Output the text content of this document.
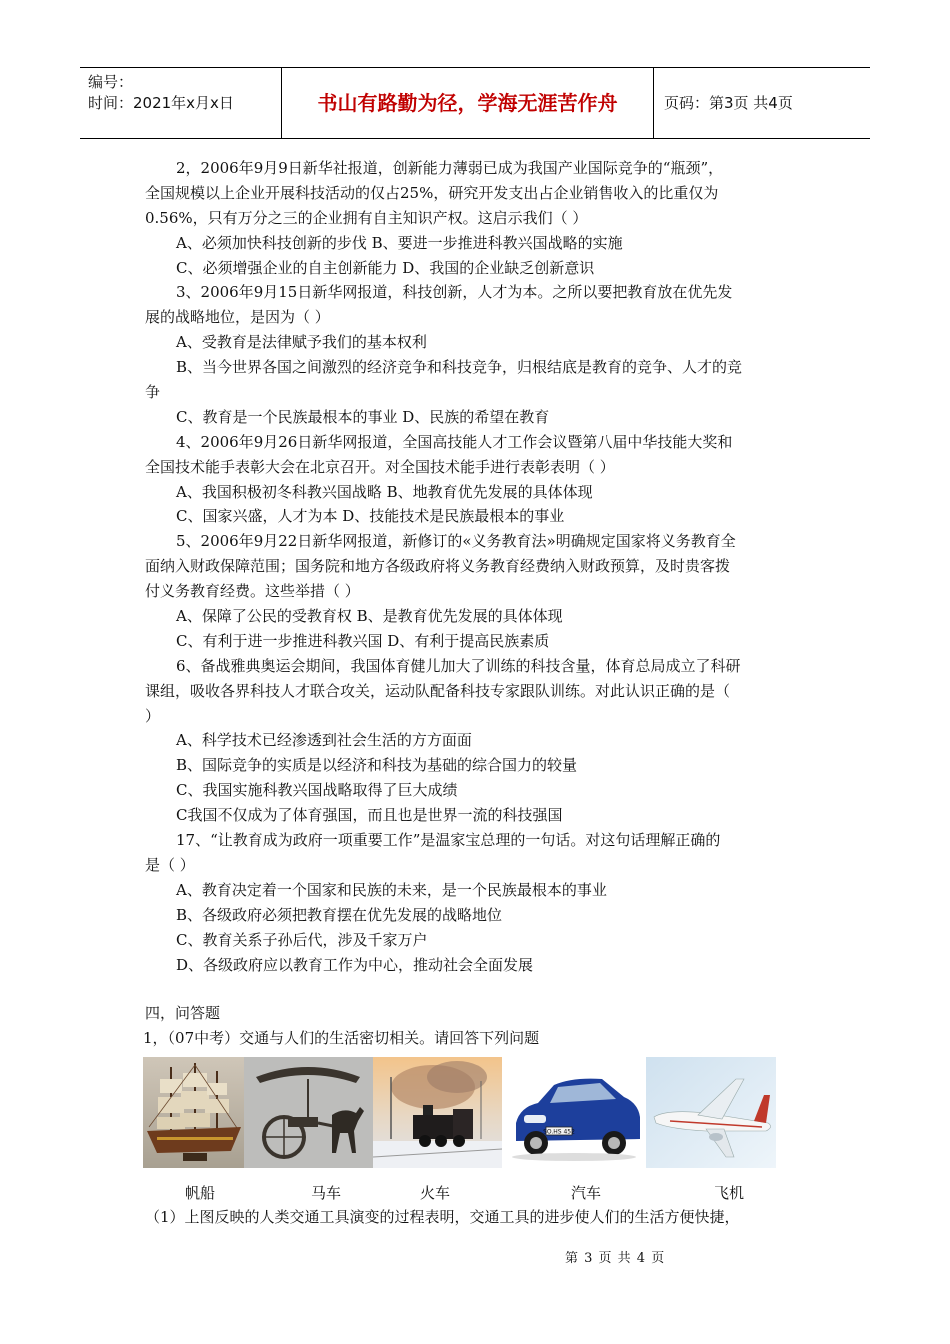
编号：
时间：2021年x月x日	书山有路勤为径，学海无涯苦作舟	页码：第3页 共4页
2，2006年9月9日新华社报道，创新能力薄弱已成为我国产业国际竞争的“瓶颈”，
全国规模以上企业开展科技活动的仅占25%，研究开发支出占企业销售收入的比重仅为
0.56%，只有万分之三的企业拥有自主知识产权。这启示我们（ ）
A、必须加快科技创新的步伐 B、要进一步推进科教兴国战略的实施
C、必须增强企业的自主创新能力 D、我国的企业缺乏创新意识
3、2006年9月15日新华网报道，科技创新，人才为本。之所以要把教育放在优先发
展的战略地位，是因为（ ）
A、受教育是法律赋予我们的基本权利
B、当今世界各国之间激烈的经济竞争和科技竞争，归根结底是教育的竞争、人才的竞
争
C、教育是一个民族最根本的事业 D、民族的希望在教育
4、2006年9月26日新华网报道，全国高技能人才工作会议暨第八届中华技能大奖和
全国技术能手表彰大会在北京召开。对全国技术能手进行表彰表明（ ）
A、我国积极初冬科教兴国战略 B、地教育优先发展的具体体现
C、国家兴盛，人才为本 D、技能技术是民族最根本的事业
5、2006年9月22日新华网报道，新修订的«义务教育法»明确规定国家将义务教育全
面纳入财政保障范围；国务院和地方各级政府将义务教育经费纳入财政预算，及时贵客拨
付义务教育经费。这些举措（ ）
A、保障了公民的受教育权 B、是教育优先发展的具体体现
C、有利于进一步推进科教兴国 D、有利于提高民族素质
6、备战雅典奥运会期间，我国体育健儿加大了训练的科技含量，体育总局成立了科研
课组，吸收各界科技人才联合攻关，运动队配备科技专家跟队训练。对此认识正确的是（
）
A、科学技术已经渗透到社会生活的方方面面
B、国际竞争的实质是以经济和科技为基础的综合国力的较量
C、我国实施科教兴国战略取得了巨大成绩
C我国不仅成为了体育强国，而且也是世界一流的科技强国
17、“让教育成为政府一项重要工作”是温家宝总理的一句话。对这句话理解正确的
是（ ）
A、教育决定着一个国家和民族的未来，是一个民族最根本的事业
B、各级政府必须把教育摆在优先发展的战略地位
C、教育关系子孙后代，涉及千家万户
D、各级政府应以教育工作为中心，推动社会全面发展
四，问答题
1，（07中考）交通与人们的生活密切相关。请回答下列问题
SO.HS 452
帆船	马车	火车	汽车	飞机
（1）上图反映的人类交通工具演变的过程表明，交通工具的进步使人们的生活方便快捷，
第 3 页 共 4 页
